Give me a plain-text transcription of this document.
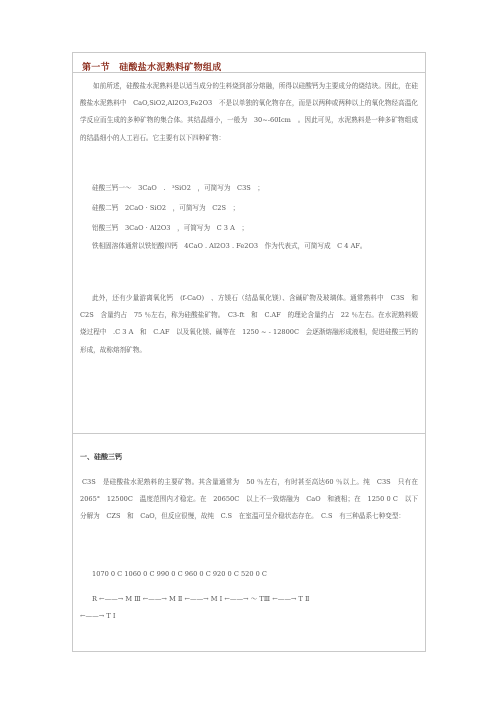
第一节　硅酸盐水泥熟料矿物组成
如前所述，硅酸盐水泥熟料是以适当成分的生料烧到部分熔融，所得以硅酸钙为主要成分的烧结块。因此，在硅酸盐水泥熟料中　CaO,SiO2,Al2O3,Fe2O3　不是以单独的氧化物存在，而是以两种或两种以上的氧化物经高温化学反应而生成的多种矿物的集合体。其结晶细小，一般为　30~-60Icm　。因此可见，水泥熟料是一种多矿物组成的结晶细小的人工岩石。它主要有以下四种矿物：
硅酸三钙一～　3CaO　.　³SiO2　，可简写为　C3S　；
硅酸二钙　2CaO · SiO2　，可简写为　C2S　；
铝酸三钙　3CaO · Al2O3　，可简写为　C 3 A　；
铁相固溶体通常以铁铝酸四钙　4CaO . Al2O3 . Fe2O3　作为代表式，可简写成　C 4 AF。
此外，还有少量游离氧化钙　(f-CaO)　、方镁石（结晶氧化镁）、含碱矿物及玻璃体。通常熟料中　C3S　和　C2S　含量约占　75 ％左右，称为硅酸盐矿物。　C3-ft　和　C.AF　的理论含量约占　22 ％左右。在水泥熟料煅烧过程中　.C 3 A　和　C.AF　以及氧化镁、碱等在　1250 ~ - 12800C　会逐渐熔融形成液相，促进硅酸三钙的形成，故称熔剂矿物。
一、硅酸三钙
C3S　是硅酸盐水泥熟料的主要矿物。其含量通常为　50 ％左右，有时甚至高达60 ％以上。纯　C3S　只有在　2065°　12500C　温度范围内才稳定。在　20650C　以上不一致熔融为　CaO　和液相；在　1250 0 C　以下分解为　CZS　和　CaO，但反应很慢，故纯　C.S　在室温可呈介稳状态存在。　C.S　有三种晶系七种变型：
1070 0 C 1060 0 C 990 0 C 960 0 C 920 0 C 520 0 C
R ←——→ M Ⅲ ←——→ M Ⅱ ←——→ M Ⅰ ←——→ ～ TⅢ ←——→ T Ⅱ
←——→ T Ⅰ
